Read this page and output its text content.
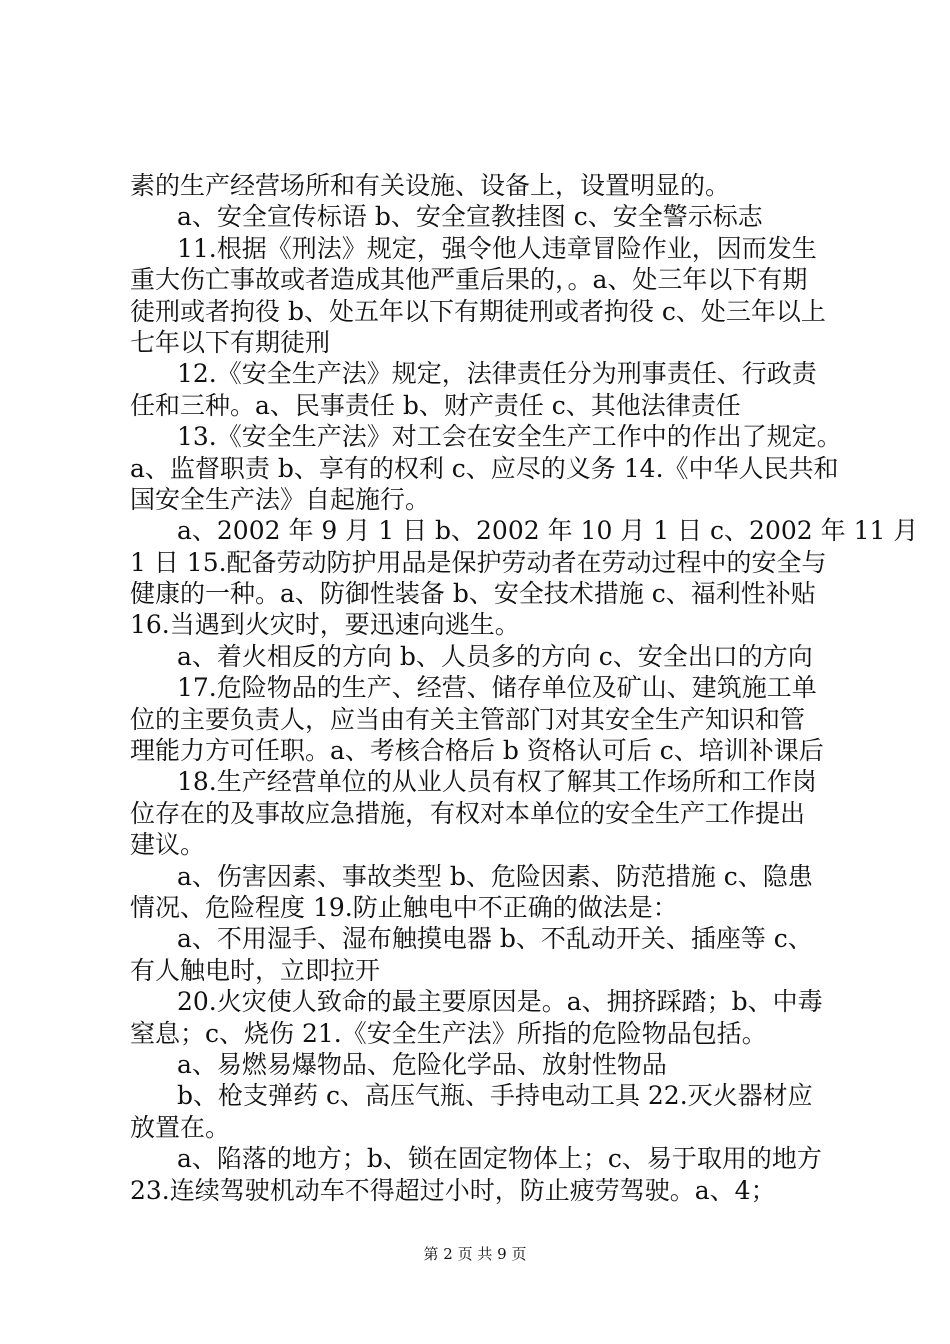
素的生产经营场所和有关设施、设备上，设置明显的。
a、安全宣传标语 b、安全宣教挂图 c、安全警示标志
11.根据《刑法》规定，强令他人违章冒险作业，因而发生
重大伤亡事故或者造成其他严重后果的，。a、处三年以下有期
徒刑或者拘役 b、处五年以下有期徒刑或者拘役 c、处三年以上
七年以下有期徒刑
12.《安全生产法》规定，法律责任分为刑事责任、行政责
任和三种。a、民事责任 b、财产责任 c、其他法律责任
13.《安全生产法》对工会在安全生产工作中的作出了规定。
a、监督职责 b、享有的权利 c、应尽的义务 14.《中华人民共和
国安全生产法》自起施行。
a、2002 年 9 月 1 日 b、2002 年 10 月 1 日 c、2002 年 11 月
1 日 15.配备劳动防护用品是保护劳动者在劳动过程中的安全与
健康的一种。a、防御性装备 b、安全技术措施 c、福利性补贴
16.当遇到火灾时，要迅速向逃生。
a、着火相反的方向 b、人员多的方向 c、安全出口的方向
17.危险物品的生产、经营、储存单位及矿山、建筑施工单
位的主要负责人，应当由有关主管部门对其安全生产知识和管
理能力方可任职。a、考核合格后 b 资格认可后 c、培训补课后
18.生产经营单位的从业人员有权了解其工作场所和工作岗
位存在的及事故应急措施，有权对本单位的安全生产工作提出
建议。
a、伤害因素、事故类型 b、危险因素、防范措施 c、隐患
情况、危险程度 19.防止触电中不正确的做法是：
a、不用湿手、湿布触摸电器 b、不乱动开关、插座等 c、
有人触电时，立即拉开
20.火灾使人致命的最主要原因是。a、拥挤踩踏；b、中毒
窒息；c、烧伤 21.《安全生产法》所指的危险物品包括。
a、易燃易爆物品、危险化学品、放射性物品
b、枪支弹药 c、高压气瓶、手持电动工具 22.灭火器材应
放置在。
a、陷落的地方；b、锁在固定物体上；c、易于取用的地方
23.连续驾驶机动车不得超过小时，防止疲劳驾驶。a、4；
第 2 页 共 9 页
